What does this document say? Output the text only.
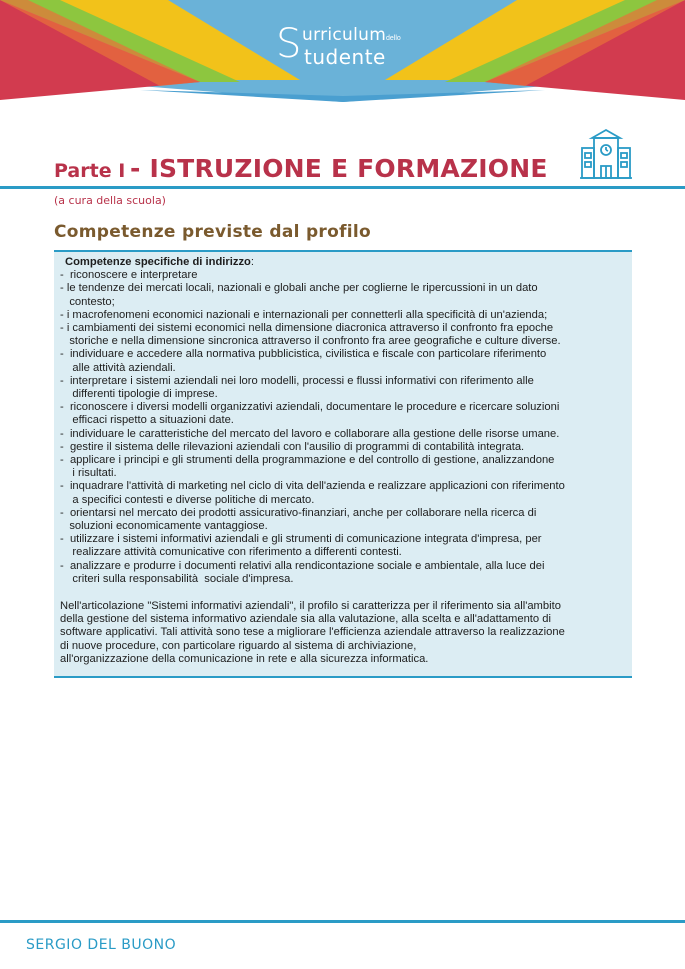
S urriculum dello
tudente
Parte I - ISTRUZIONE E FORMAZIONE
(a cura della scuola)
Competenze previste dal profilo
Competenze specifiche di indirizzo:
-  riconoscere e interpretare
- le tendenze dei mercati locali, nazionali e globali anche per coglierne le ripercussioni in un dato
contesto;
- i macrofenomeni economici nazionali e internazionali per connetterli alla specificità di un'azienda;
- i cambiamenti dei sistemi economici nella dimensione diacronica attraverso il confronto fra epoche
storiche e nella dimensione sincronica attraverso il confronto fra aree geografiche e culture diverse.
-  individuare e accedere alla normativa pubblicistica, civilistica e fiscale con particolare riferimento
alle attività aziendali.
-  interpretare i sistemi aziendali nei loro modelli, processi e flussi informativi con riferimento alle
differenti tipologie di imprese.
-  riconoscere i diversi modelli organizzativi aziendali, documentare le procedure e ricercare soluzioni
efficaci rispetto a situazioni date.
-  individuare le caratteristiche del mercato del lavoro e collaborare alla gestione delle risorse umane.
-  gestire il sistema delle rilevazioni aziendali con l'ausilio di programmi di contabilità integrata.
-  applicare i principi e gli strumenti della programmazione e del controllo di gestione, analizzandone
i risultati.
-  inquadrare l'attività di marketing nel ciclo di vita dell'azienda e realizzare applicazioni con riferimento
a specifici contesti e diverse politiche di mercato.
-  orientarsi nel mercato dei prodotti assicurativo-finanziari, anche per collaborare nella ricerca di
soluzioni economicamente vantaggiose.
-  utilizzare i sistemi informativi aziendali e gli strumenti di comunicazione integrata d'impresa, per
realizzare attività comunicative con riferimento a differenti contesti.
-  analizzare e produrre i documenti relativi alla rendicontazione sociale e ambientale, alla luce dei
criteri sulla responsabilità  sociale d'impresa.
Nell'articolazione "Sistemi informativi aziendali", il profilo si caratterizza per il riferimento sia all'ambito
della gestione del sistema informativo aziendale sia alla valutazione, alla scelta e all'adattamento di
software applicativi. Tali attività sono tese a migliorare l'efficienza aziendale attraverso la realizzazione
di nuove procedure, con particolare riguardo al sistema di archiviazione,
all'organizzazione della comunicazione in rete e alla sicurezza informatica.
SERGIO DEL BUONO
